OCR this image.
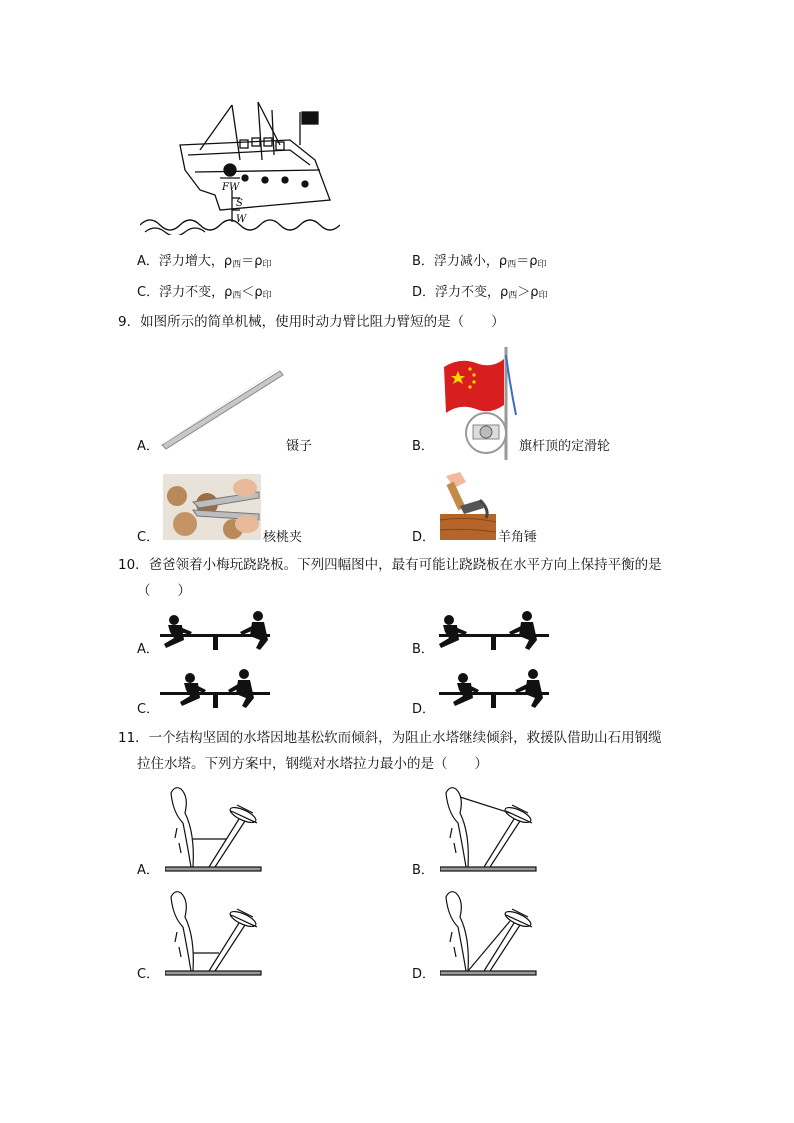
FW
S
W
A．浮力增大，$\rho_西=\rho_印$	B．浮力减小，$\rho_西=\rho_印$
C．浮力不变，$\rho_西<\rho_印$	D．浮力不变，$\rho_西>\rho_印$
9．如图所示的简单机械，使用时动力臂比阻力臂短的是（　　）
A．	镊子	B．	旗杆顶的定滑轮
C．	核桃夹	D．	羊角锤
10．爸爸领着小梅玩跷跷板。下列四幅图中，最有可能让跷跷板在水平方向上保持平衡的是
（　　）
A．	B．
C．	D．
11．一个结构坚固的水塔因地基松软而倾斜，为阻止水塔继续倾斜，救援队借助山石用钢缆
拉住水塔。下列方案中，钢缆对水塔拉力最小的是（　　）
A．	B．
C．	D．
